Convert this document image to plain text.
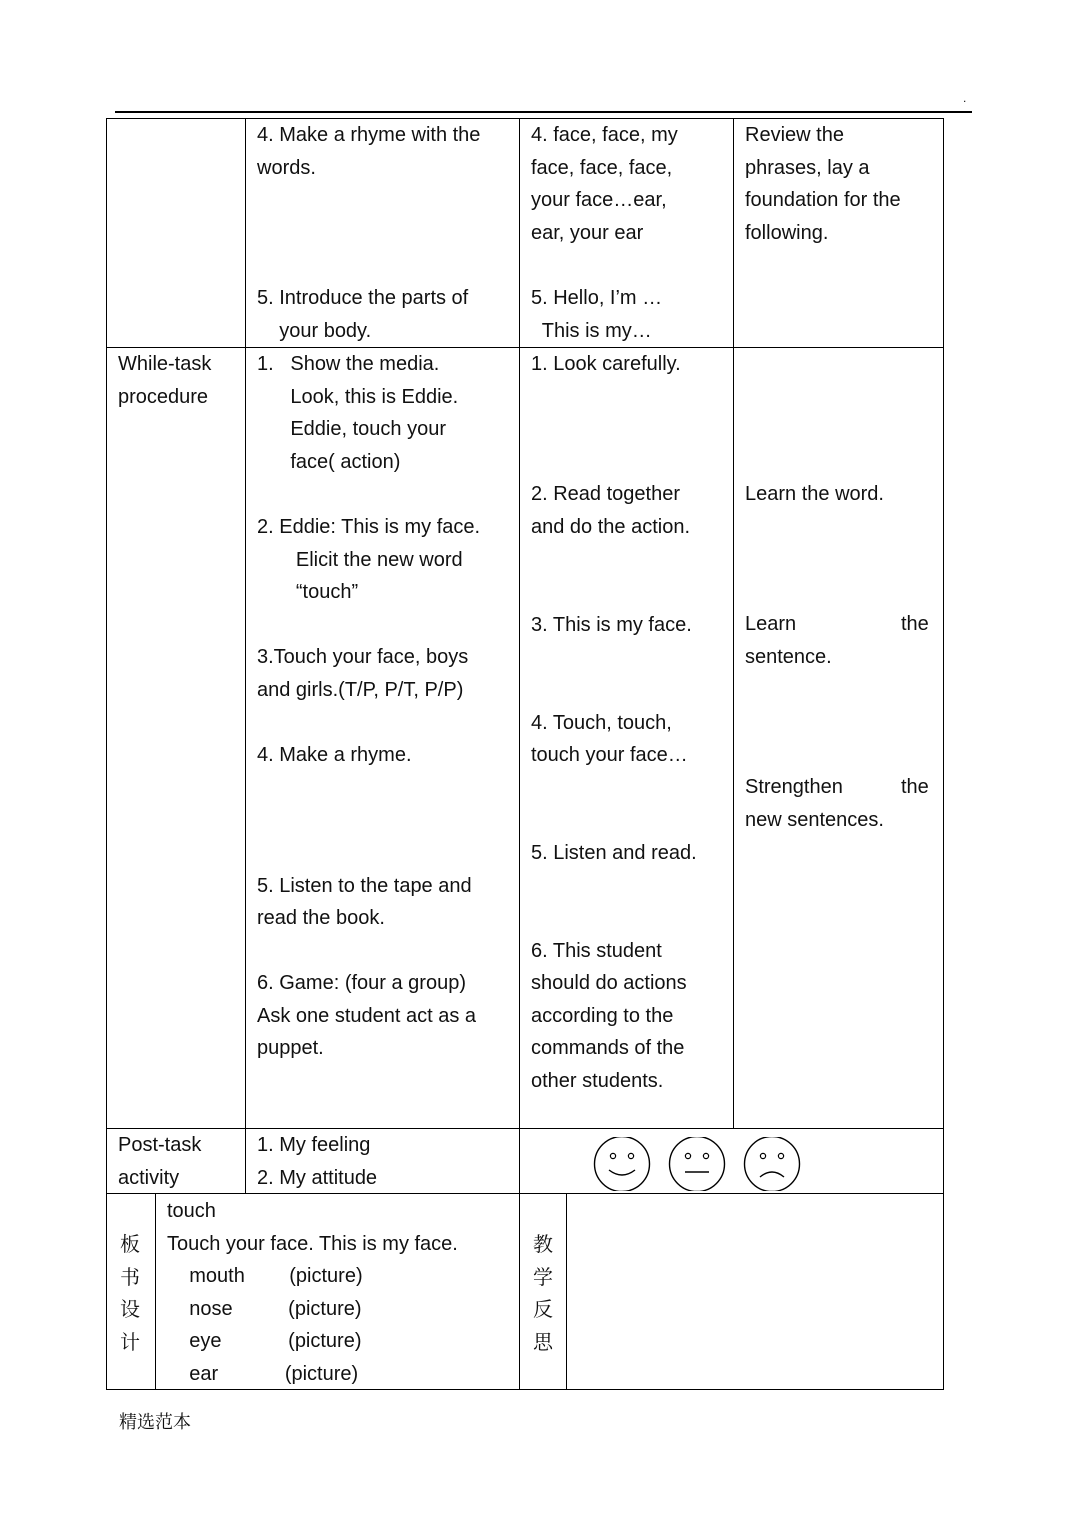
.
4. Make a rhyme with the
words.
5. Introduce the parts of
your body.
4. face, face, my
face, face, face,
your face…ear,
ear, your ear
5. Hello, I’m …
This is my…
Review the
phrases, lay a
foundation for the
following.
While-task
procedure
1.   Show the media.
Look, this is Eddie.
Eddie, touch your
face( action)
2. Eddie: This is my face.
Elicit the new word
“touch”
3.Touch your face, boys
and girls.(T/P, P/T, P/P)
4. Make a rhyme.
5. Listen to the tape and
read the book.
6. Game: (four a group)
Ask one student act as a
puppet.
1. Look carefully.
2. Read together
and do the action.
3. This is my face.
4. Touch, touch,
touch your face…
5. Listen and read.
6. This student
should do actions
according to the
commands of the
other students.
Learn the word.
Learn	the
sentence.
Strengthen	the
new sentences.
Post-task
activity
1. My feeling
2. My attitude
板
书
设
计
touch
Touch your face. This is my face.
mouth        (picture)
nose          (picture)
eye            (picture)
ear            (picture)
教
学
反
思
精选范本
